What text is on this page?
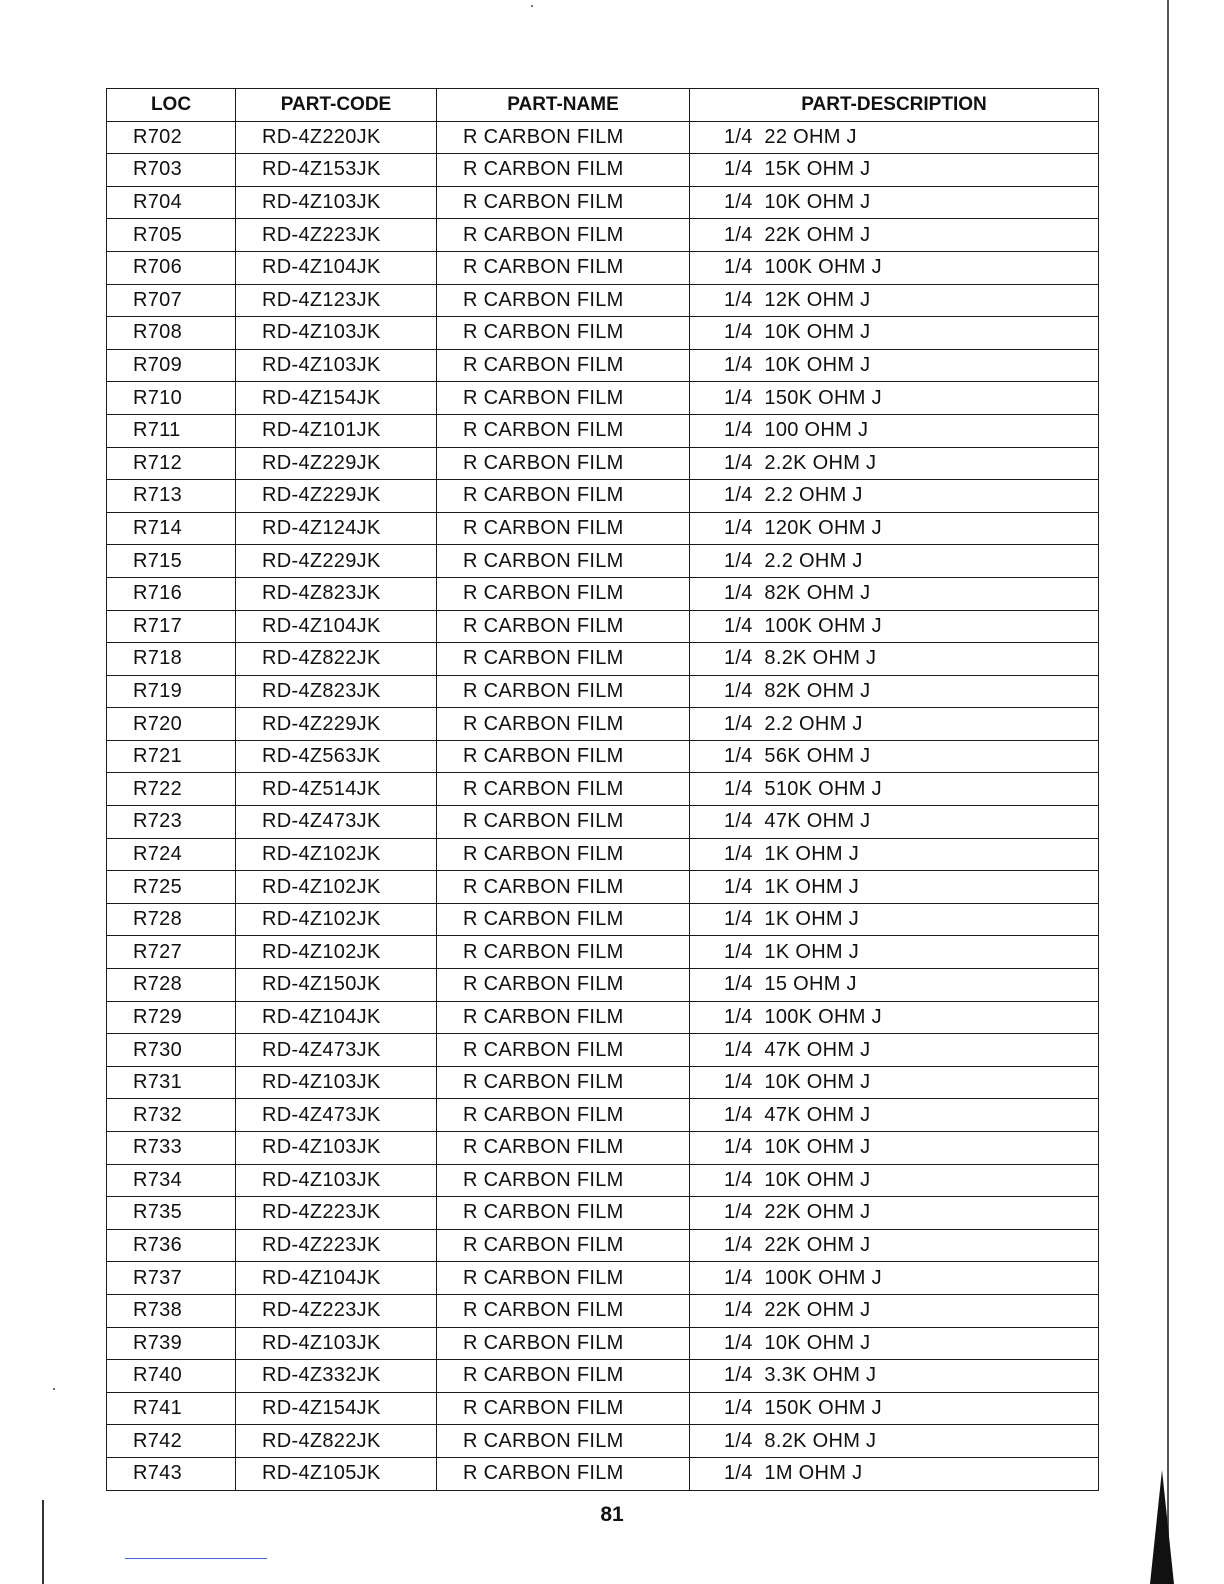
LOC	PART-CODE	PART-NAME	PART-DESCRIPTION
R702	RD-4Z220JK	R CARBON FILM	1/4  22 OHM J
R703	RD-4Z153JK	R CARBON FILM	1/4  15K OHM J
R704	RD-4Z103JK	R CARBON FILM	1/4  10K OHM J
R705	RD-4Z223JK	R CARBON FILM	1/4  22K OHM J
R706	RD-4Z104JK	R CARBON FILM	1/4  100K OHM J
R707	RD-4Z123JK	R CARBON FILM	1/4  12K OHM J
R708	RD-4Z103JK	R CARBON FILM	1/4  10K OHM J
R709	RD-4Z103JK	R CARBON FILM	1/4  10K OHM J
R710	RD-4Z154JK	R CARBON FILM	1/4  150K OHM J
R711	RD-4Z101JK	R CARBON FILM	1/4  100 OHM J
R712	RD-4Z229JK	R CARBON FILM	1/4  2.2K OHM J
R713	RD-4Z229JK	R CARBON FILM	1/4  2.2 OHM J
R714	RD-4Z124JK	R CARBON FILM	1/4  120K OHM J
R715	RD-4Z229JK	R CARBON FILM	1/4  2.2 OHM J
R716	RD-4Z823JK	R CARBON FILM	1/4  82K OHM J
R717	RD-4Z104JK	R CARBON FILM	1/4  100K OHM J
R718	RD-4Z822JK	R CARBON FILM	1/4  8.2K OHM J
R719	RD-4Z823JK	R CARBON FILM	1/4  82K OHM J
R720	RD-4Z229JK	R CARBON FILM	1/4  2.2 OHM J
R721	RD-4Z563JK	R CARBON FILM	1/4  56K OHM J
R722	RD-4Z514JK	R CARBON FILM	1/4  510K OHM J
R723	RD-4Z473JK	R CARBON FILM	1/4  47K OHM J
R724	RD-4Z102JK	R CARBON FILM	1/4  1K OHM J
R725	RD-4Z102JK	R CARBON FILM	1/4  1K OHM J
R728	RD-4Z102JK	R CARBON FILM	1/4  1K OHM J
R727	RD-4Z102JK	R CARBON FILM	1/4  1K OHM J
R728	RD-4Z150JK	R CARBON FILM	1/4  15 OHM J
R729	RD-4Z104JK	R CARBON FILM	1/4  100K OHM J
R730	RD-4Z473JK	R CARBON FILM	1/4  47K OHM J
R731	RD-4Z103JK	R CARBON FILM	1/4  10K OHM J
R732	RD-4Z473JK	R CARBON FILM	1/4  47K OHM J
R733	RD-4Z103JK	R CARBON FILM	1/4  10K OHM J
R734	RD-4Z103JK	R CARBON FILM	1/4  10K OHM J
R735	RD-4Z223JK	R CARBON FILM	1/4  22K OHM J
R736	RD-4Z223JK	R CARBON FILM	1/4  22K OHM J
R737	RD-4Z104JK	R CARBON FILM	1/4  100K OHM J
R738	RD-4Z223JK	R CARBON FILM	1/4  22K OHM J
R739	RD-4Z103JK	R CARBON FILM	1/4  10K OHM J
R740	RD-4Z332JK	R CARBON FILM	1/4  3.3K OHM J
R741	RD-4Z154JK	R CARBON FILM	1/4  150K OHM J
R742	RD-4Z822JK	R CARBON FILM	1/4  8.2K OHM J
R743	RD-4Z105JK	R CARBON FILM	1/4  1M OHM J
81
